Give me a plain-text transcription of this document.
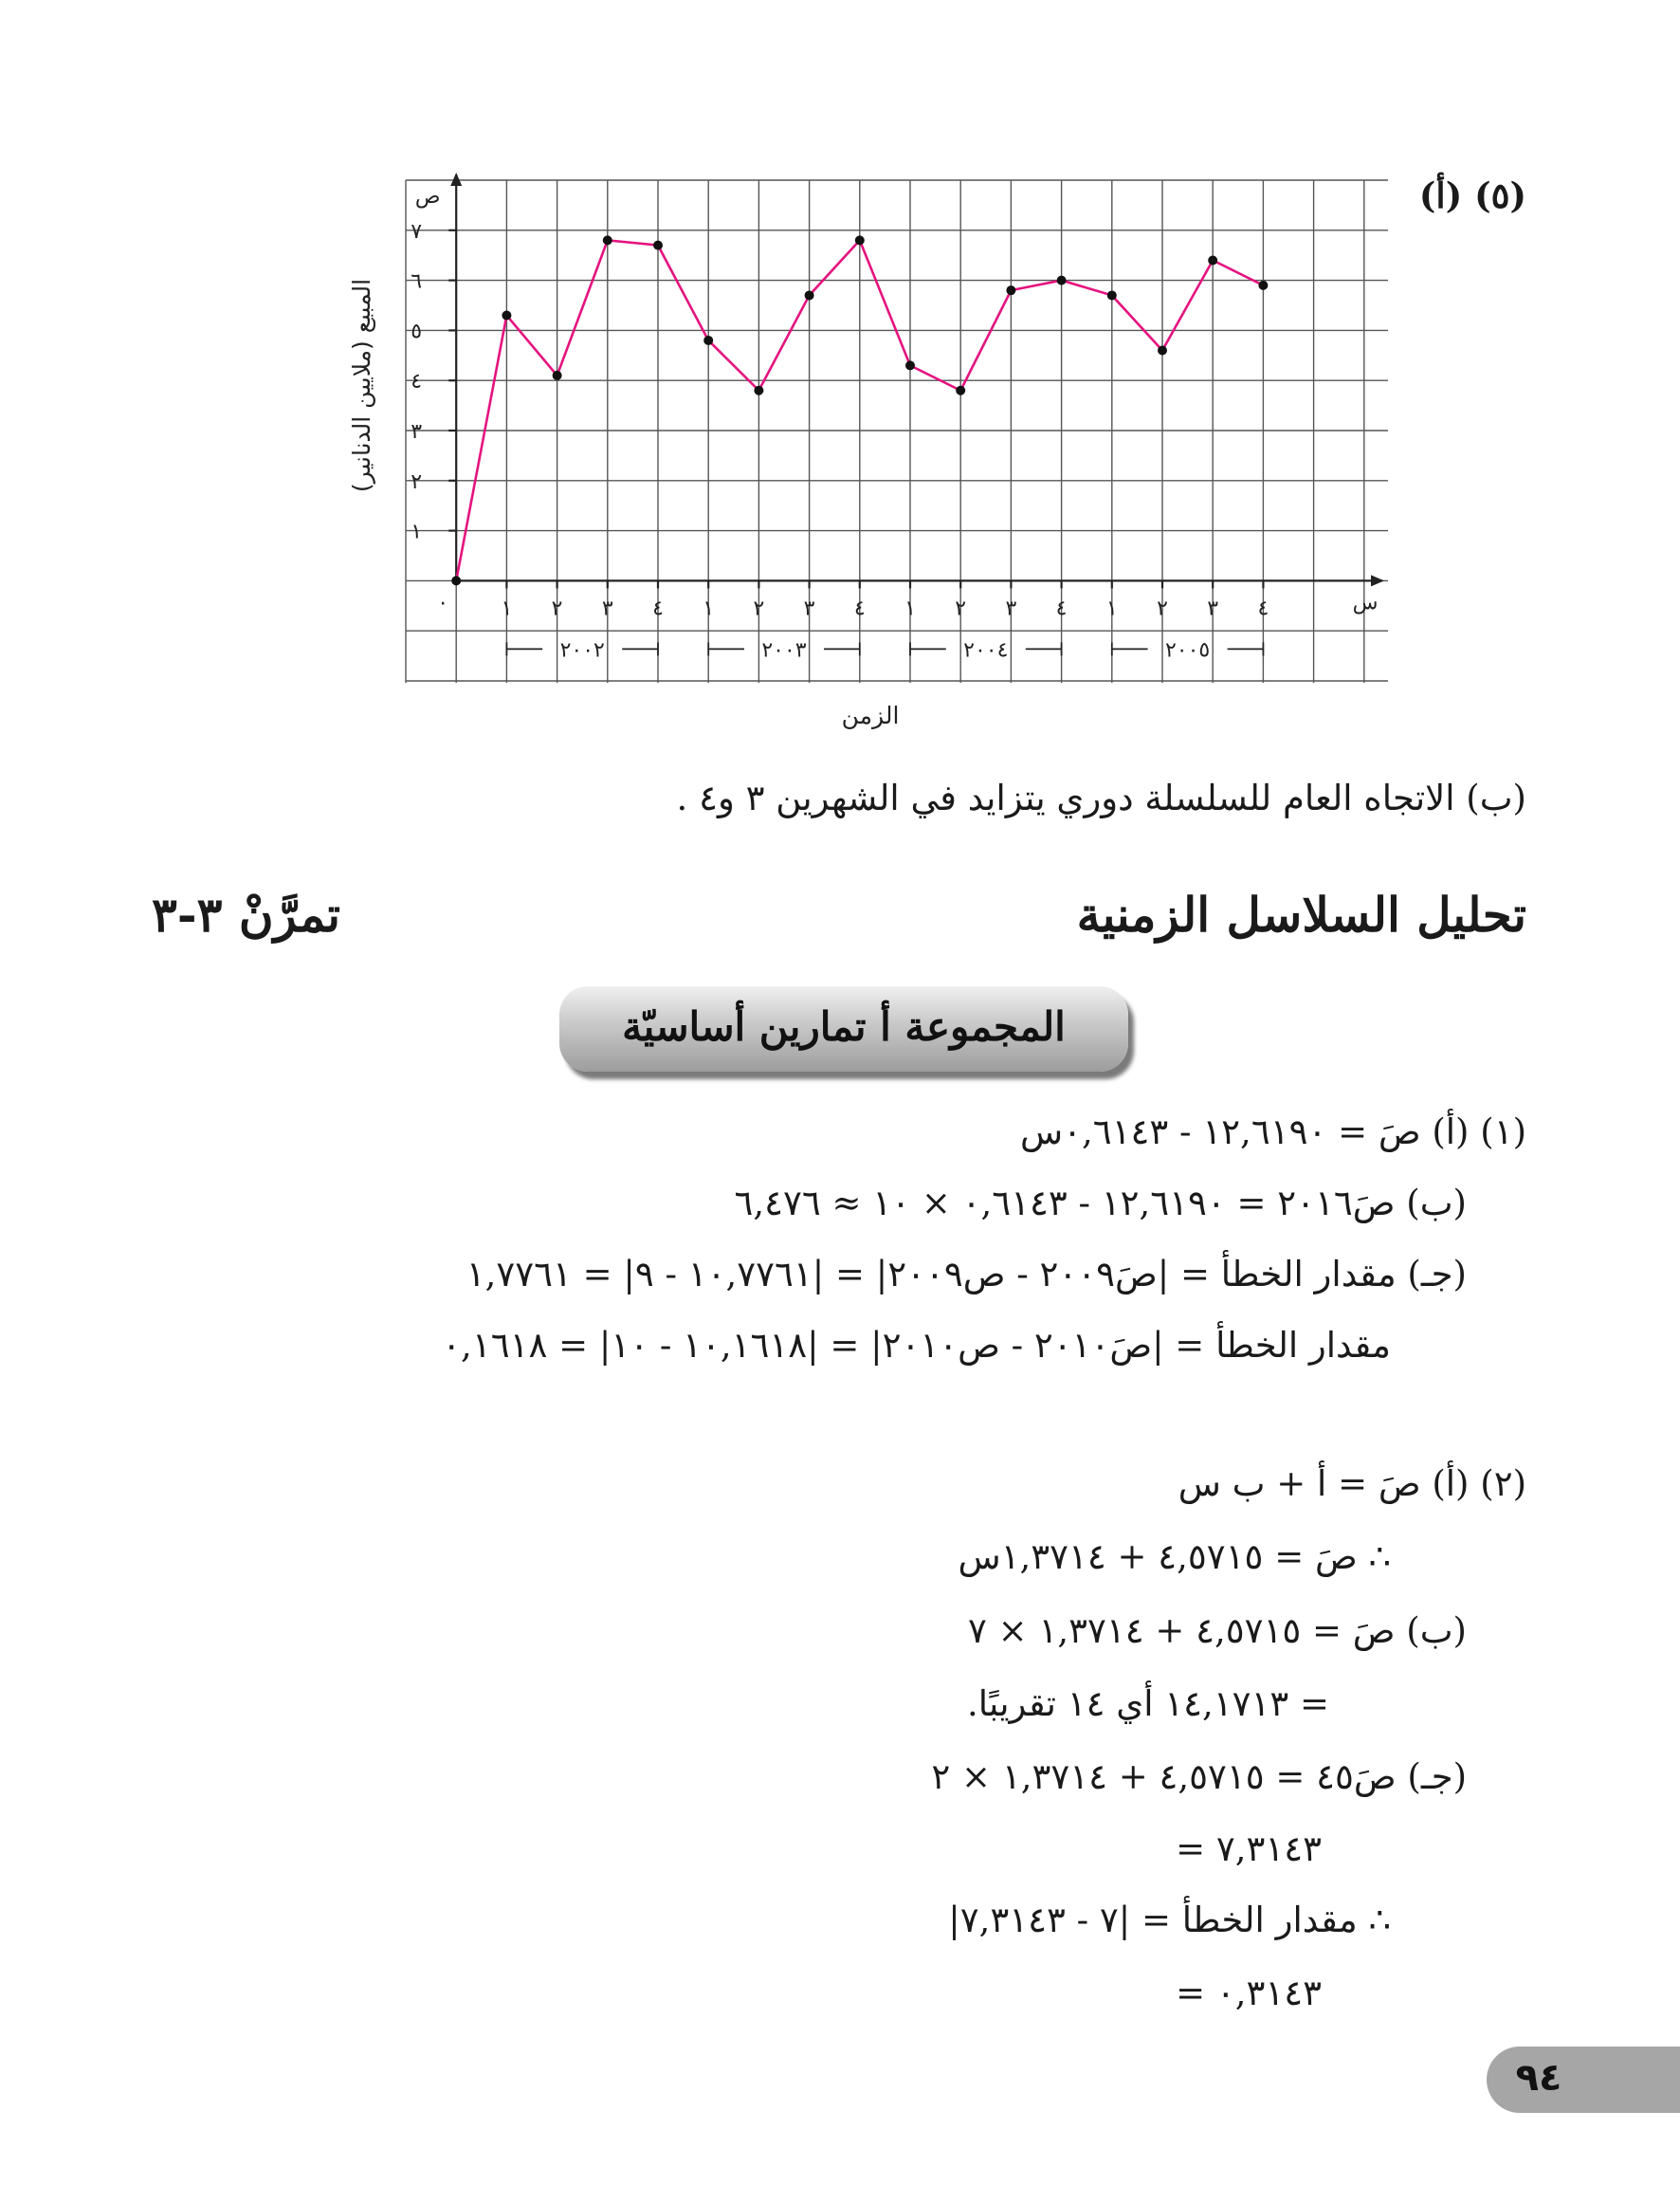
(٥) (أ)
١
٢
٣
٤
٥
٦
٧
ص
٠
المبيع (ملايين الدنانير)
١ ٢ ٣ ٤ ١ ٢ ٣ ٤ ١ ٢ ٣ ٤ ١ ٢ ٣ ٤	س
٢٠٠٢	٢٠٠٣	٢٠٠٤	٢٠٠٥
الزمن
(ب) الاتجاه العام للسلسلة دوري يتزايد في الشهرين ٣ و٤ .
تحليل السلاسل الزمنية
تمرَّنْ ٣-٣
المجموعة أ تمارين أساسيّة
(١) (أ) صَ = ١٢,٦١٩٠ - ٠,٦١٤٣س
(ب) صَ٢٠١٦ = ١٢,٦١٩٠ - ٠,٦١٤٣ × ١٠ ≈ ٦,٤٧٦
(جـ) مقدار الخطأ = |صَ٢٠٠٩ - ص٢٠٠٩| = |١٠,٧٧٦١ - ٩| = ١,٧٧٦١
مقدار الخطأ = |صَ٢٠١٠ - ص٢٠١٠| = |١٠,١٦١٨ - ١٠| = ٠,١٦١٨
(٢) (أ) صَ = أ + ب س
∴ صَ = ٤,٥٧١٥ + ١,٣٧١٤س
(ب) صَ = ٤,٥٧١٥ + ١,٣٧١٤ × ٧
= ١٤,١٧١٣ أي ١٤ تقريبًا.
(جـ) صَ٤٥ = ٤,٥٧١٥ + ١,٣٧١٤ × ٢
= ٧,٣١٤٣
∴ مقدار الخطأ = |٧ - ٧,٣١٤٣|
= ٠,٣١٤٣
٩٤
